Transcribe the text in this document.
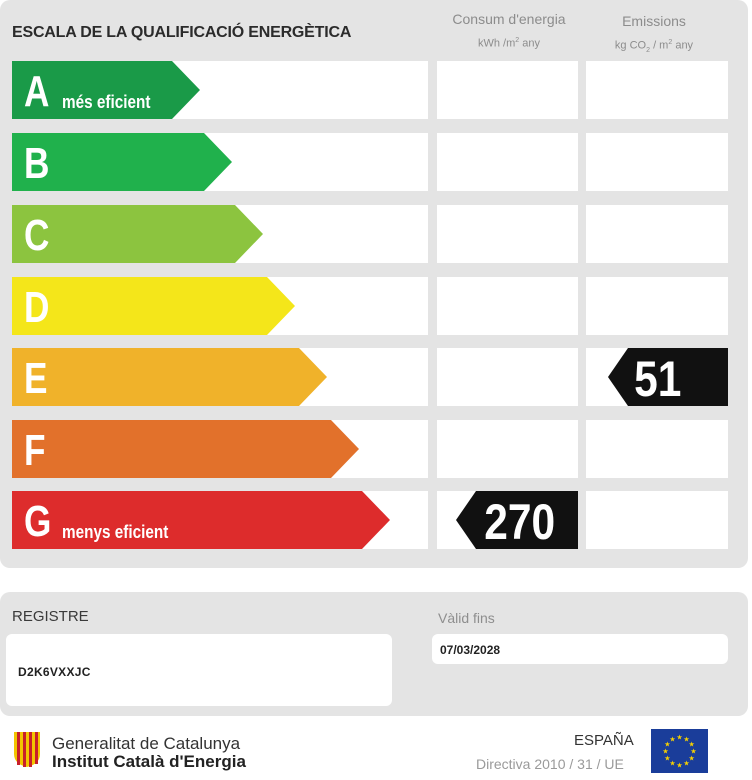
ESCALA DE LA QUALIFICACIÓ ENERGÈTICA
Consum d'energia
kWh $/m^2$ any
Emissions
kg $CO_2 / m^2$ any
A més eficient
B
C
D
E	51
F
G menys eficient	270
REGISTRE
D2K6VXXJC
Vàlid fins
07/03/2028
Generalitat de Catalunya
Institut Català d'Energia
ESPAÑA
Directiva 2010 / 31 / UE
★ ★
★
★
★
★
★
★
★
★
★
★
